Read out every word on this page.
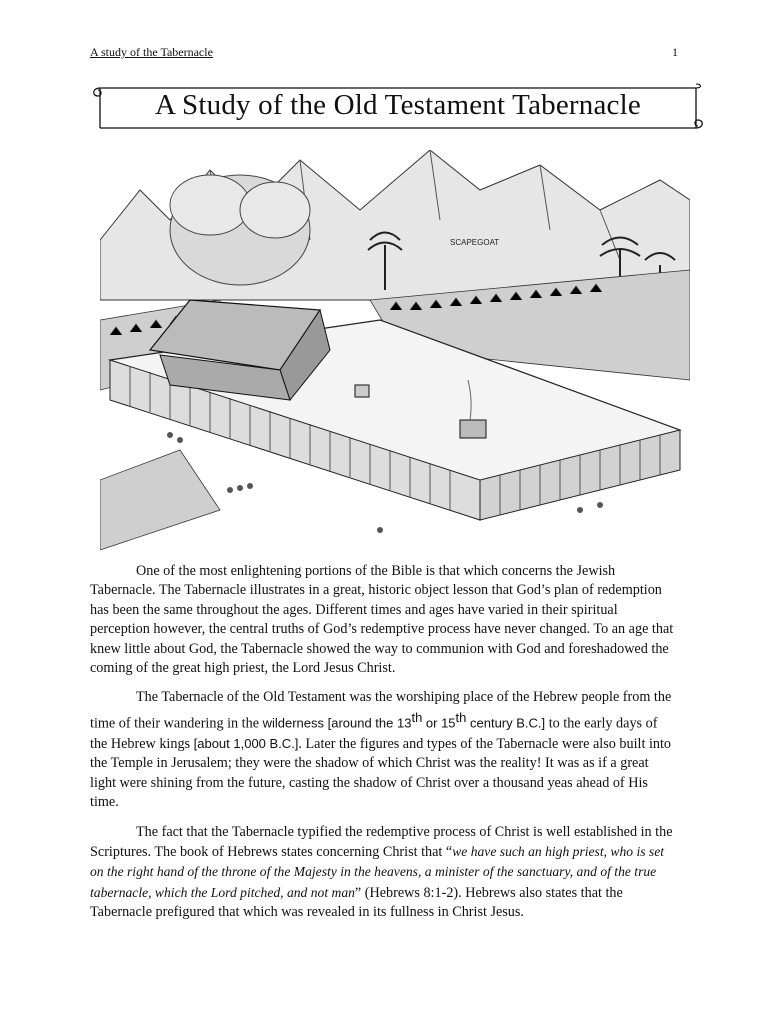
A study of the Tabernacle	1
A Study of the Old Testament Tabernacle
SCAPEGOAT

One of the most enlightening portions of the Bible is that which concerns the Jewish Tabernacle. The Tabernacle illustrates in a great, historic object lesson that God’s plan of redemption has been the same throughout the ages. Different times and ages have varied in their spiritual perception however, the central truths of God’s redemptive process have never changed. To an age that knew little about God, the Tabernacle showed the way to communion with God and foreshadowed the coming of the great high priest, the Lord Jesus Christ.

The Tabernacle of the Old Testament was the worshiping place of the Hebrew people from the time of their wandering in the wilderness [around the 13th or 15th century B.C.] to the early days of the Hebrew kings [about 1,000 B.C.]. Later the figures and types of the Tabernacle were also built into the Temple in Jerusalem; they were the shadow of which Christ was the reality! It was as if a great light were shining from the future, casting the shadow of Christ over a thousand yeas ahead of His time.

The fact that the Tabernacle typified the redemptive process of Christ is well established in the Scriptures. The book of Hebrews states concerning Christ that “we have such an high priest, who is set on the right hand of the throne of the Majesty in the heavens, a minister of the sanctuary, and of the true tabernacle, which the Lord pitched, and not man” (Hebrews 8:1-2). Hebrews also states that the Tabernacle prefigured that which was revealed in its fullness in Christ Jesus.
